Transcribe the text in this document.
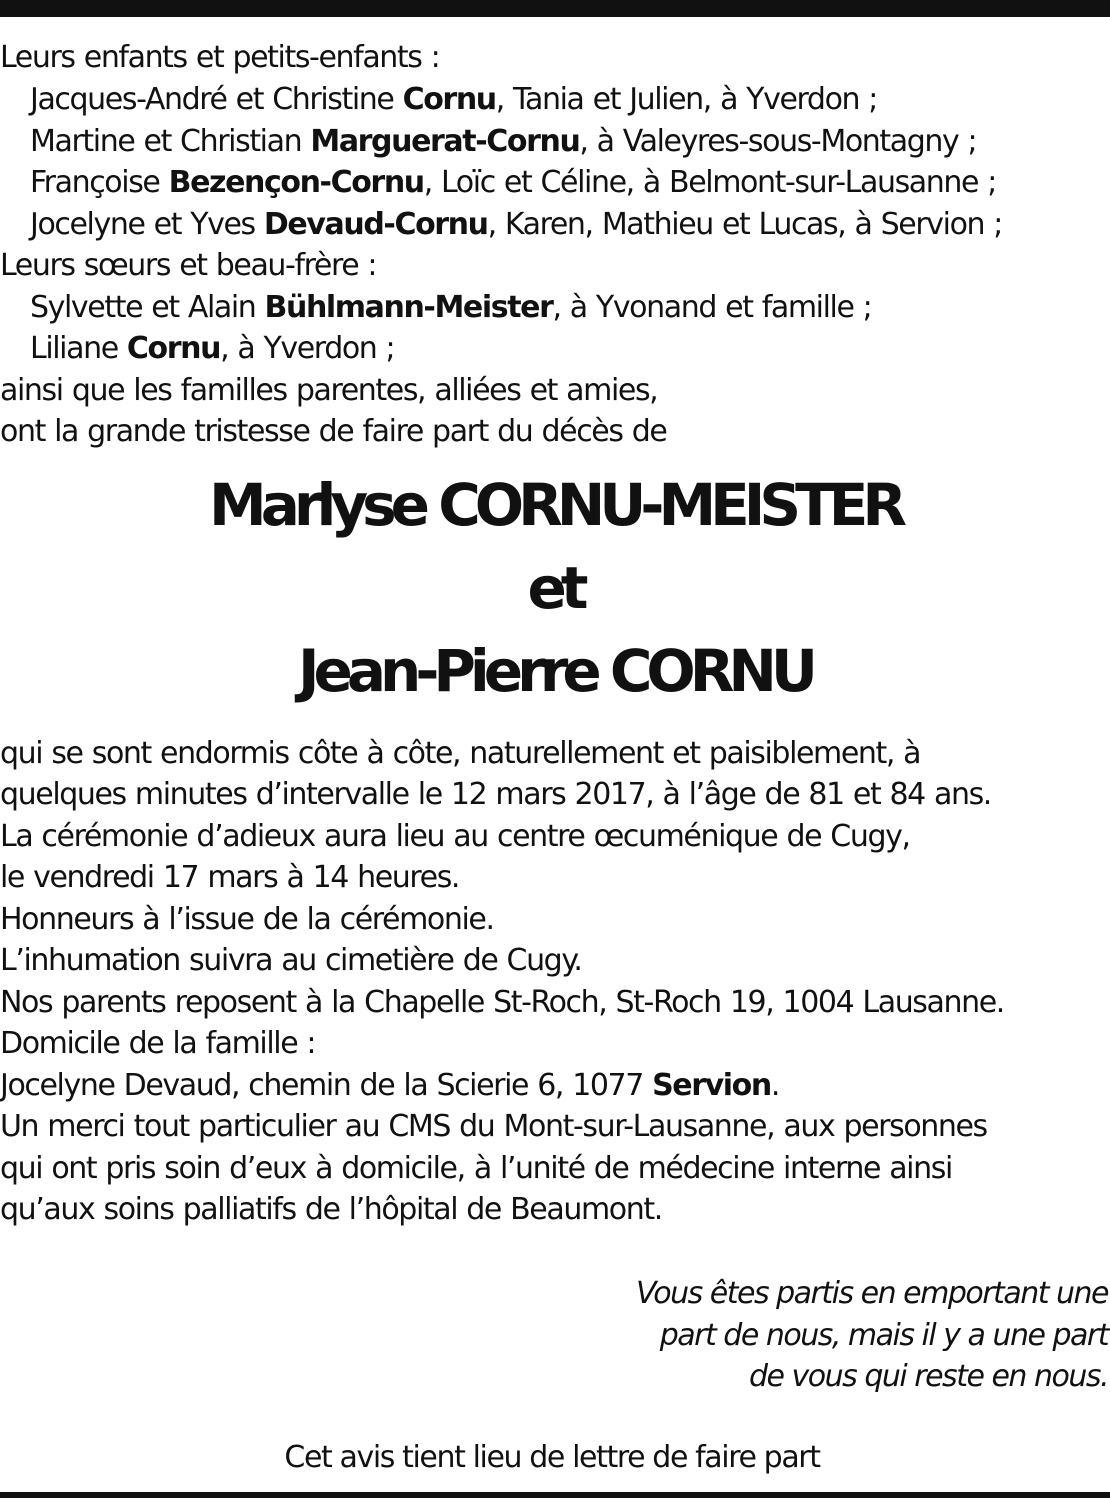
Leurs enfants et petits-enfants :
Jacques-André et Christine Cornu, Tania et Julien, à Yverdon ;
Martine et Christian Marguerat-Cornu, à Valeyres-sous-Montagny ;
Françoise Bezençon-Cornu, Loïc et Céline, à Belmont-sur-Lausanne ;
Jocelyne et Yves Devaud-Cornu, Karen, Mathieu et Lucas, à Servion ;
Leurs sœurs et beau-frère :
Sylvette et Alain Bühlmann-Meister, à Yvonand et famille ;
Liliane Cornu, à Yverdon ;
ainsi que les familles parentes, alliées et amies,
ont la grande tristesse de faire part du décès de
Marlyse CORNU-MEISTER
et
Jean-Pierre CORNU
qui se sont endormis côte à côte, naturellement et paisiblement, à
quelques minutes d’intervalle le 12 mars 2017, à l’âge de 81 et 84 ans.
La cérémonie d’adieux aura lieu au centre œcuménique de Cugy,
le vendredi 17 mars à 14 heures.
Honneurs à l’issue de la cérémonie.
L’inhumation suivra au cimetière de Cugy.
Nos parents reposent à la Chapelle St-Roch, St-Roch 19, 1004 Lausanne.
Domicile de la famille :
Jocelyne Devaud, chemin de la Scierie 6, 1077 Servion.
Un merci tout particulier au CMS du Mont-sur-Lausanne, aux personnes
qui ont pris soin d’eux à domicile, à l’unité de médecine interne ainsi
qu’aux soins palliatifs de l’hôpital de Beaumont.
Vous êtes partis en emportant une
part de nous, mais il y a une part
de vous qui reste en nous.
Cet avis tient lieu de lettre de faire part
